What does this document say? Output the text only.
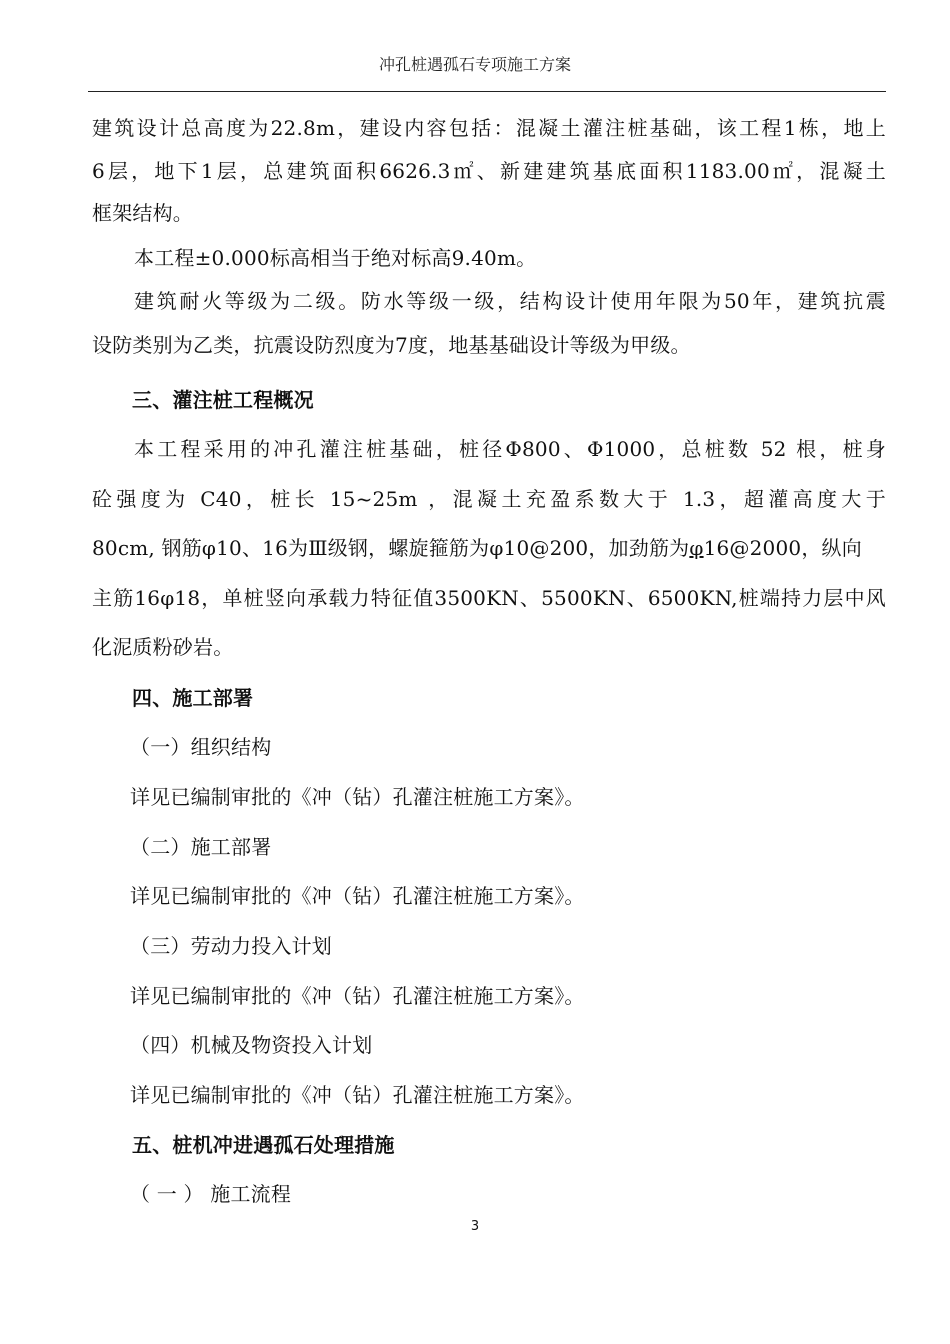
冲孔桩遇孤石专项施工方案
建筑设计总高度为22.8m，建设内容包括：混凝土灌注桩基础，该工程1栋，地上
6层，地下1层，总建筑面积6626.3㎡、新建建筑基底面积1183.00㎡，混凝土
框架结构。
本工程±0.000标高相当于绝对标高9.40m。
建筑耐火等级为二级。防水等级一级，结构设计使用年限为50年，建筑抗震
设防类别为乙类，抗震设防烈度为7度，地基基础设计等级为甲级。
三、灌注桩工程概况
本工程采用的冲孔灌注桩基础，桩径Φ800、Φ1000，总桩数 52 根，桩身
砼强度为 C40，桩长 15~25m ，混凝土充盈系数大于 1.3，超灌高度大于
80cm, 钢筋φ10、16为Ⅲ级钢，螺旋箍筋为φ10@200，加劲筋为φ16@2000，纵向
主筋16φ18，单桩竖向承载力特征值3500KN、5500KN、6500KN,桩端持力层中风
化泥质粉砂岩。
四、施工部署
（一）组织结构
详见已编制审批的《冲（钻）孔灌注桩施工方案》。
（二）施工部署
详见已编制审批的《冲（钻）孔灌注桩施工方案》。
（三）劳动力投入计划
详见已编制审批的《冲（钻）孔灌注桩施工方案》。
（四）机械及物资投入计划
详见已编制审批的《冲（钻）孔灌注桩施工方案》。
五、桩机冲进遇孤石处理措施
（ 一 ） 施工流程
3
